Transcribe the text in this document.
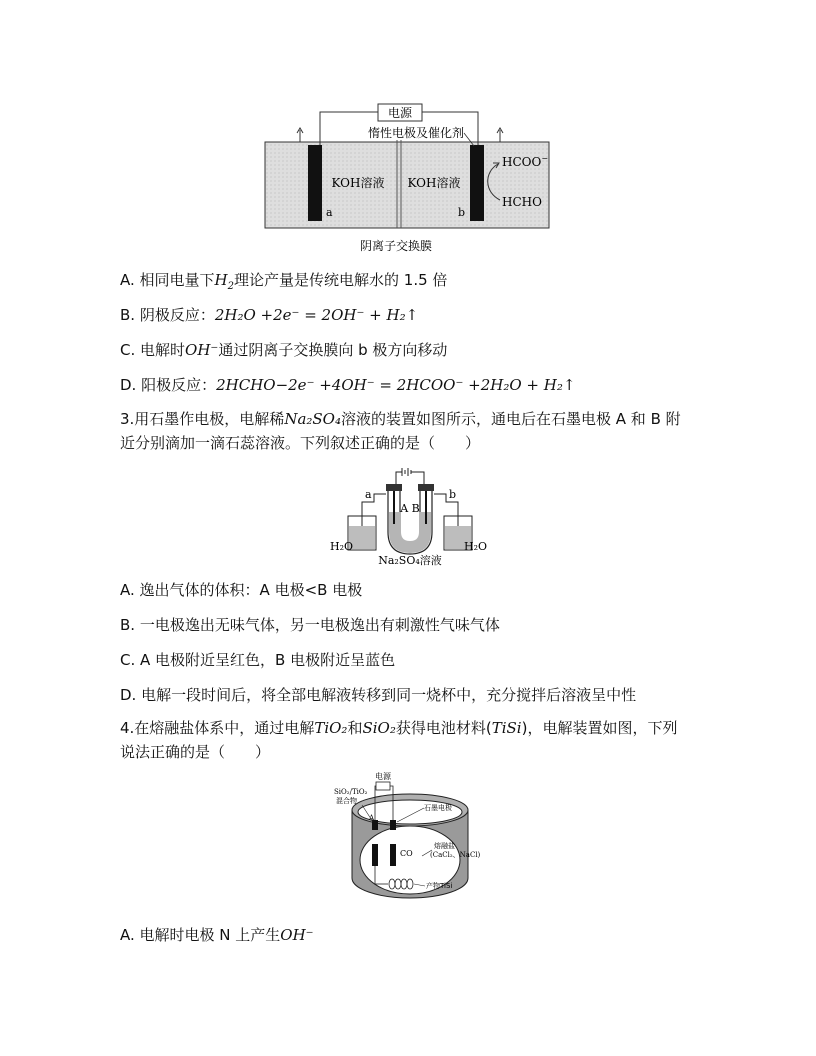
电源
惰性电极及催化剂
KOH溶液 KOH溶液
a	b
HCOO−
HCHO
阴离子交换膜
A. 相同电量下$H_2$理论产量是传统电解水的 1.5 倍
B. 阴极反应：2H₂O +2e⁻ = 2OH⁻ + H₂↑
C. 电解时OH⁻通过阴离子交换膜向 b 极方向移动
D. 阳极反应：2HCHO−2e⁻ +4OH⁻ = 2HCOO⁻ +2H₂O + H₂↑
3.用石墨作电极，电解稀Na₂SO₄溶液的装置如图所示，通电后在石墨电极 A 和 B 附
近分别滴加一滴石蕊溶液。下列叙述正确的是（　　）
A B
a	b
H₂O	H₂O
Na₂SO₄溶液
A. 逸出气体的体积：A 电极<B 电极
B. 一电极逸出无味气体，另一电极逸出有刺激性气味气体
C. A 电极附近呈红色，B 电极附近呈蓝色
D. 电解一段时间后，将全部电解液转移到同一烧杯中，充分搅拌后溶液呈中性
4.在熔融盐体系中，通过电解TiO₂和SiO₂获得电池材料(TiSi)，电解装置如图，下列
说法正确的是（　　）
电源
SiO₂/TiO₂
混合物
A
石墨电极
熔融盐
(CaCl₂、NaCl)
CO
产物TiSi
A. 电解时电极 N 上产生OH⁻
